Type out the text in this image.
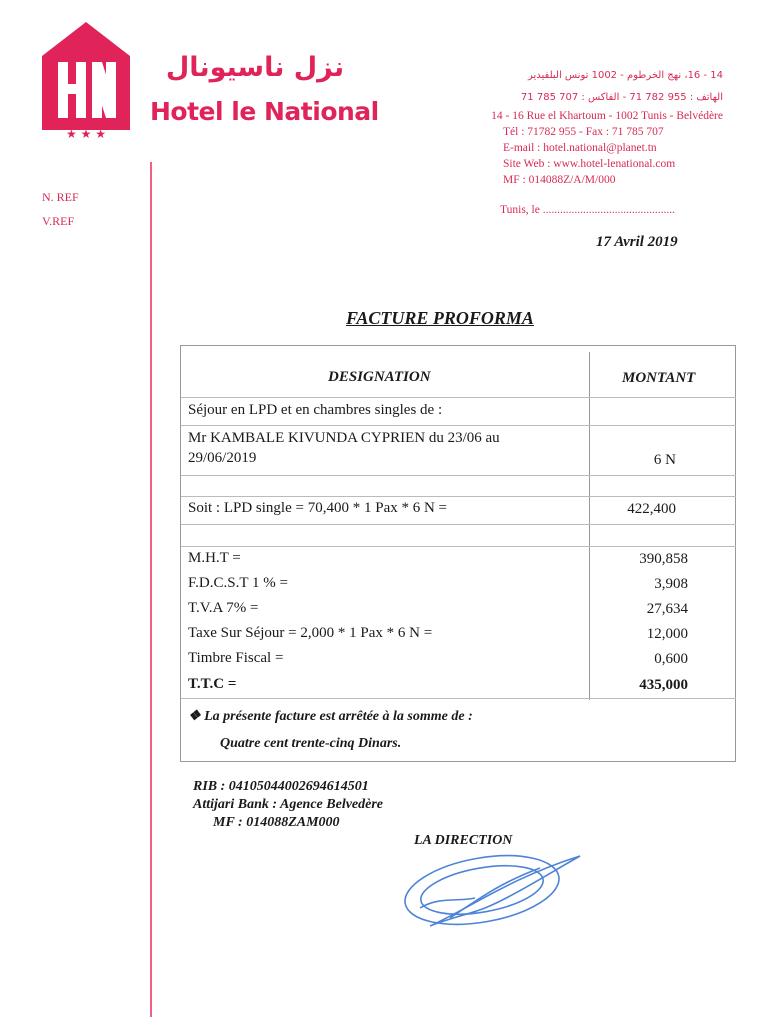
★ ★ ★
نزل ناسيونال
Hotel le National
14 - 16، نهج الخرطوم - 1002 تونس البلفيدير
الهاتف : 955 782 71 - الفاكس : 707 785 71
14 - 16 Rue el Khartoum - 1002 Tunis - Belvédère
Tél : 71782 955 - Fax : 71 785 707
E-mail : hotel.national@planet.tn
Site Web : www.hotel-lenational.com
MF : 014088Z/A/M/000
Tunis, le ..............................................
17 Avril 2019
N. REF
V.REF
FACTURE PROFORMA
DESIGNATION	MONTANT
Séjour en LPD et en chambres singles de :
Mr KAMBALE KIVUNDA CYPRIEN du 23/06 au
29/06/2019	6 N
Soit : LPD single = 70,400 * 1 Pax * 6 N =	422,400
M.H.T =	390,858
F.D.C.S.T 1 % =	3,908
T.V.A 7% =	27,634
Taxe Sur Séjour = 2,000 * 1 Pax * 6 N =	12,000
Timbre Fiscal =	0,600
T.T.C =	435,000
❖ La présente facture est arrêtée à la somme de :
Quatre cent trente-cinq Dinars.
RIB : 04105044002694614501
Attijari Bank : Agence Belvedère
MF : 014088ZAM000
LA DIRECTION
